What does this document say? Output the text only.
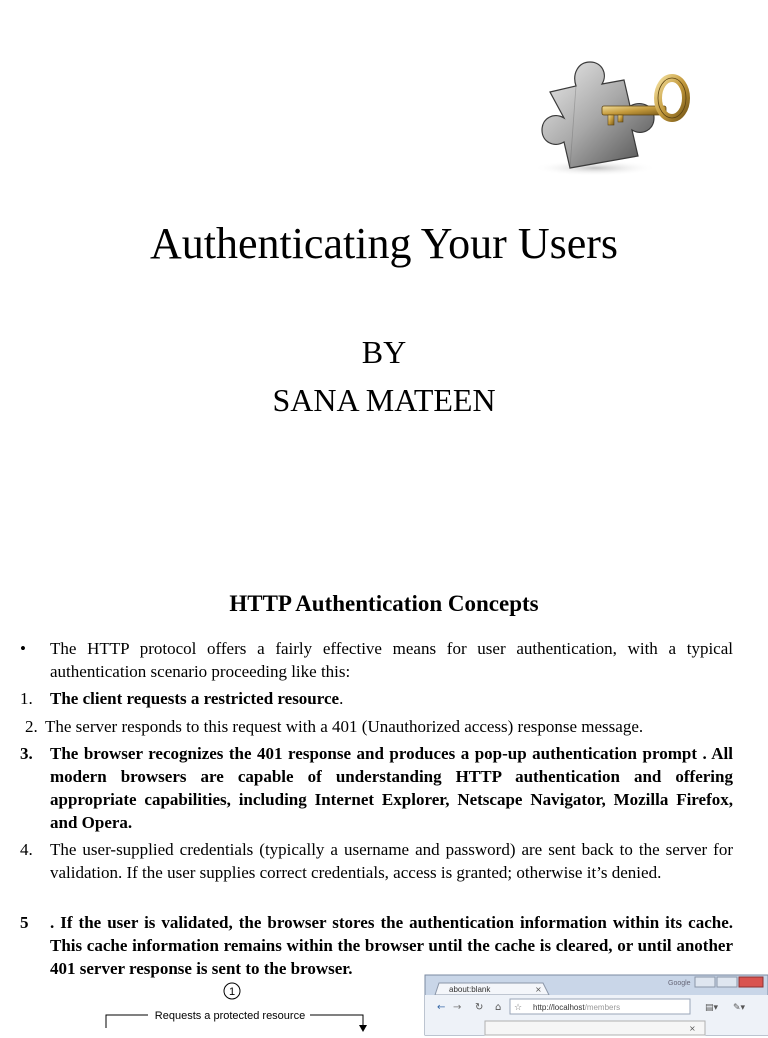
Authenticating Your Users
BY
SANA MATEEN
HTTP Authentication Concepts
• The HTTP protocol offers a fairly effective means for user authentication, with a typical authentication scenario proceeding like this:
1. The client requests a restricted resource.
2. The server responds to this request with a 401 (Unauthorized access) response message.
3. The browser recognizes the 401 response and produces a pop-up authentication prompt . All modern browsers are capable of understanding HTTP authentication and offering appropriate capabilities, including Internet Explorer, Netscape Navigator, Mozilla Firefox, and Opera.
4. The user-supplied credentials (typically a username and password) are sent back to the server for validation. If the user supplies correct credentials, access is granted; otherwise it’s denied.
5 . If the user is validated, the browser stores the authentication information within its cache. This cache information remains within the browser until the cache is cleared, or until another 401 server response is sent to the browser.
1
Requests a protected resource
about:blank	×
Google
← → ↻ ⌂ ☆ http://localhost/members	▤▾ ✎▾
×
